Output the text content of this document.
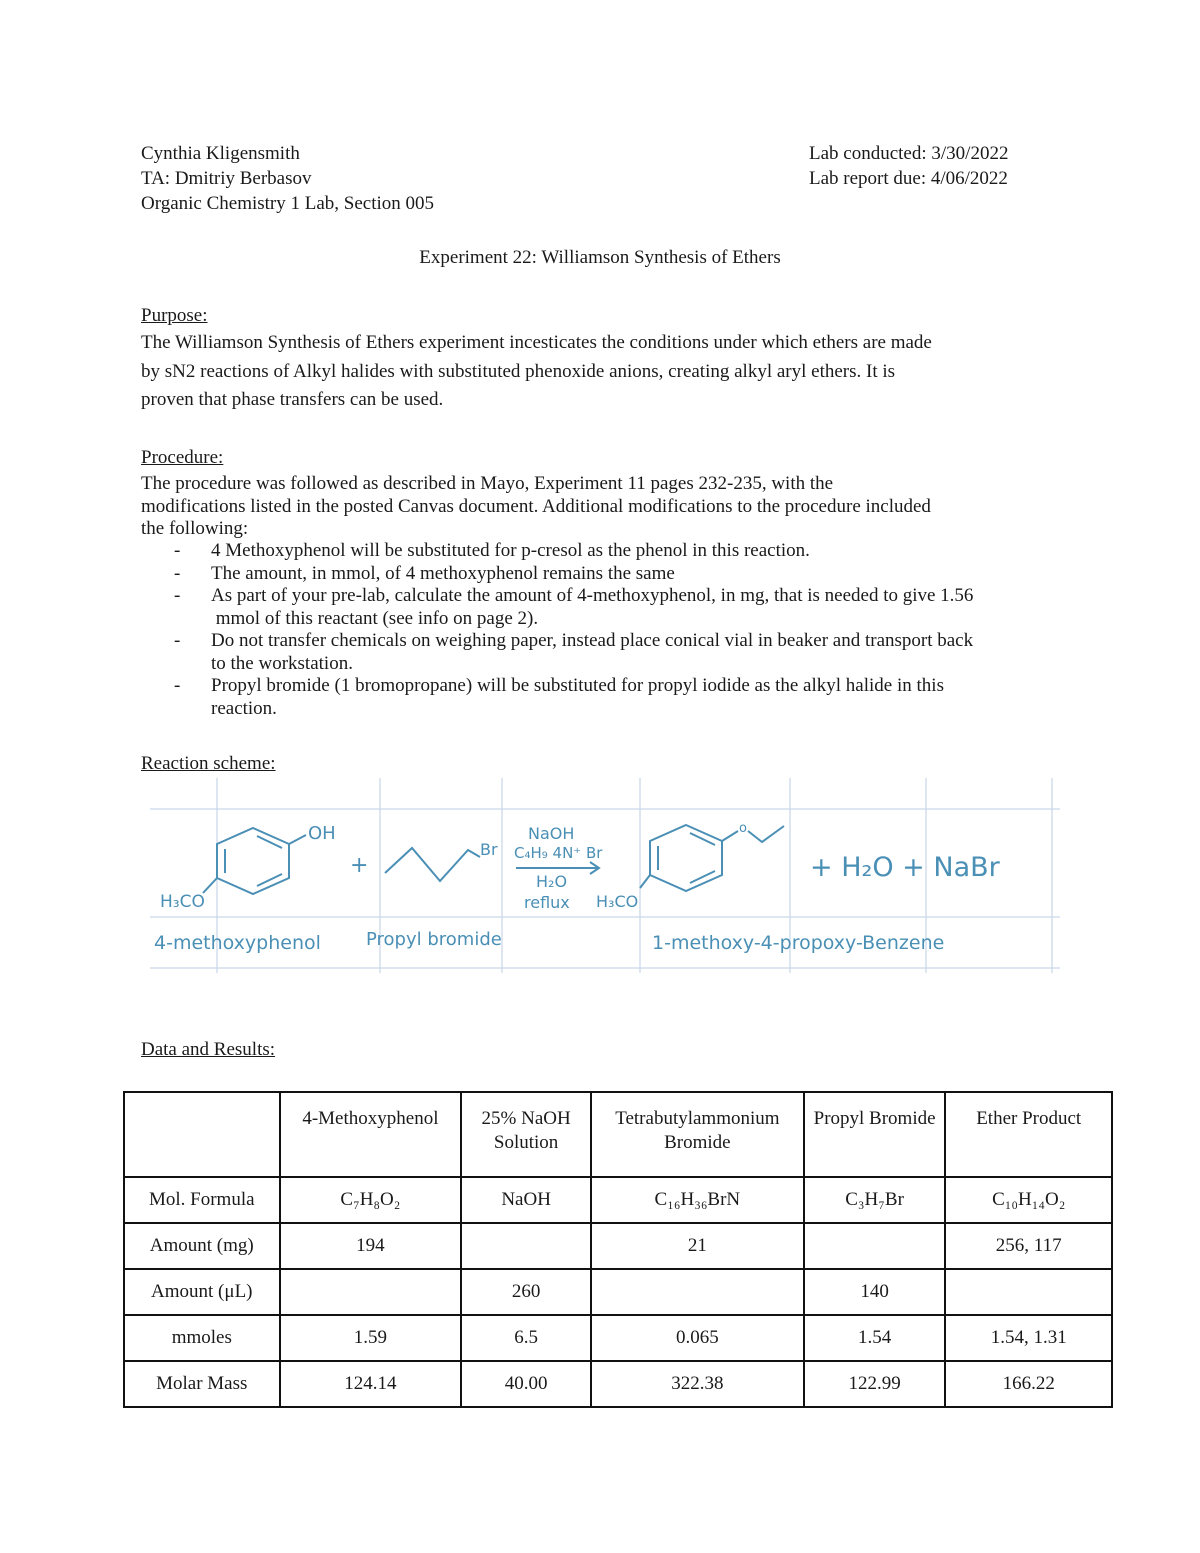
Cynthia Kligensmith
TA: Dmitriy Berbasov
Organic Chemistry 1 Lab, Section 005
Lab conducted: 3/30/2022
Lab report due: 4/06/2022
Experiment 22: Williamson Synthesis of Ethers
Purpose:
The Williamson Synthesis of Ethers experiment incesticates the conditions under which ethers are made
by sN2 reactions of Alkyl halides with substituted phenoxide anions, creating alkyl aryl ethers. It is
proven that phase transfers can be used.
Procedure:
The procedure was followed as described in Mayo, Experiment 11 pages 232-235, with the
modifications listed in the posted Canvas document. Additional modifications to the procedure included
the following:
- 4 Methoxyphenol will be substituted for p-cresol as the phenol in this reaction.
- The amount, in mmol, of 4 methoxyphenol remains the same
- As part of your pre-lab, calculate the amount of 4-methoxyphenol, in mg, that is needed to give 1.56
mmol of this reactant (see info on page 2).
- Do not transfer chemicals on weighing paper, instead place conical vial in beaker and transport back
to the workstation.
- Propyl bromide (1 bromopropane) will be substituted for propyl iodide as the alkyl halide in this
reaction.
Reaction scheme:
OH
H₃CO
+
Br
NaOH
C₄H₉ 4N⁺ Br
H₂O
reflux
o
H₃CO
+ H₂O + NaBr
4-methoxyphenol	Propyl bromide	1-methoxy-4-propoxy-Benzene
Data and Results:
	4-Methoxyphenol	25% NaOH Solution	Tetrabutylammonium Bromide	Propyl Bromide	Ether Product
Mol. Formula	C₇H₈O₂	NaOH	C₁₆H₃₆BrN	C₃H₇Br	C₁₀H₁₄O₂
Amount (mg)	194		21		256, 117
Amount (μL)		260		140	
mmoles	1.59	6.5	0.065	1.54	1.54, 1.31
Molar Mass	124.14	40.00	322.38	122.99	166.22
